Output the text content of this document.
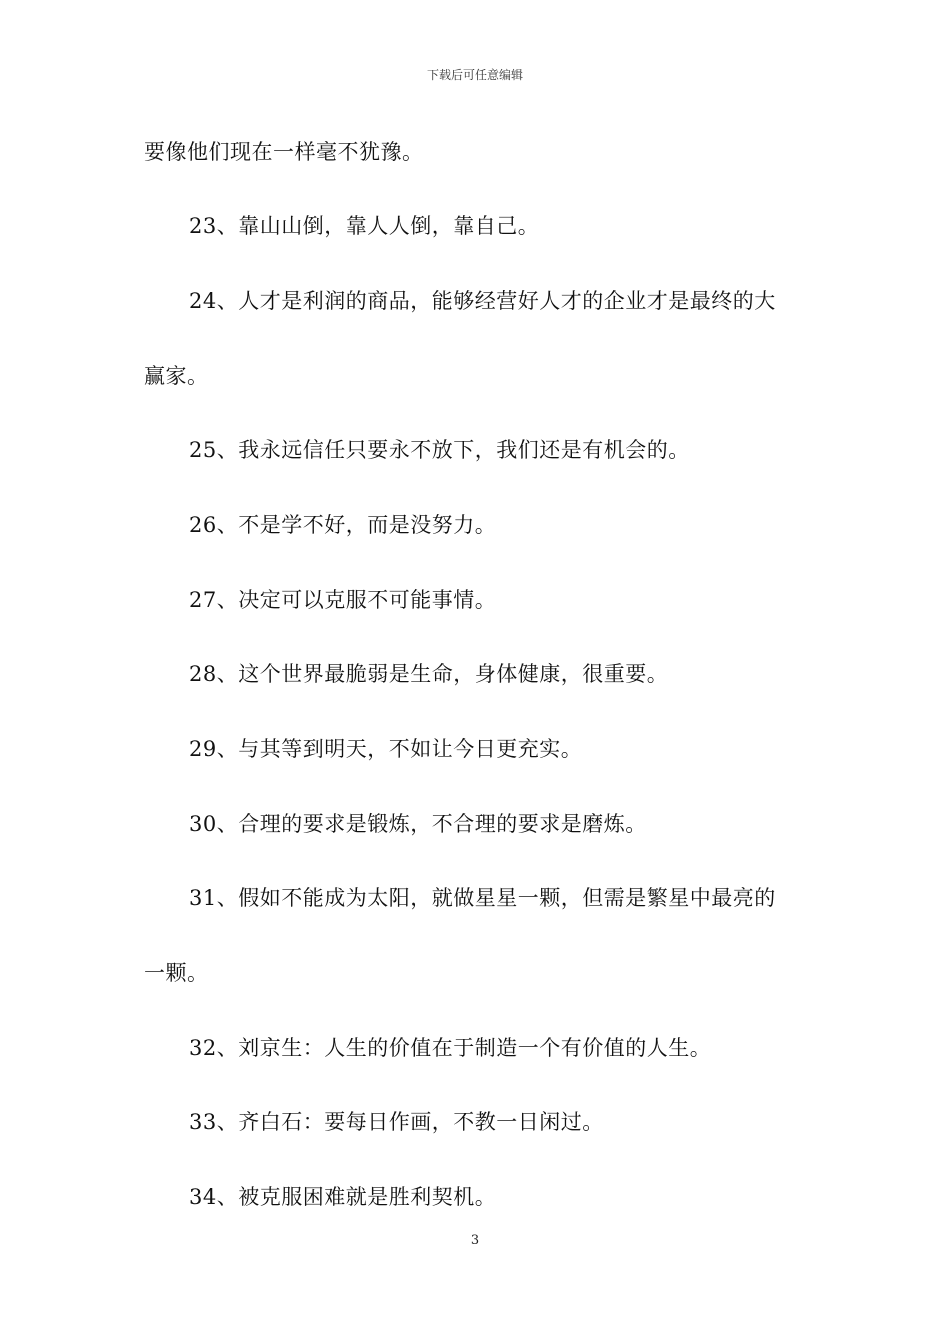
下载后可任意编辑
要像他们现在一样毫不犹豫。
23、靠山山倒，靠人人倒，靠自己。
24、人才是利润的商品，能够经营好人才的企业才是最终的大
赢家。
25、我永远信任只要永不放下，我们还是有机会的。
26、不是学不好，而是没努力。
27、决定可以克服不可能事情。
28、这个世界最脆弱是生命，身体健康，很重要。
29、与其等到明天，不如让今日更充实。
30、合理的要求是锻炼，不合理的要求是磨炼。
31、假如不能成为太阳，就做星星一颗，但需是繁星中最亮的
一颗。
32、刘京生：人生的价值在于制造一个有价值的人生。
33、齐白石：要每日作画，不教一日闲过。
34、被克服困难就是胜利契机。
3
